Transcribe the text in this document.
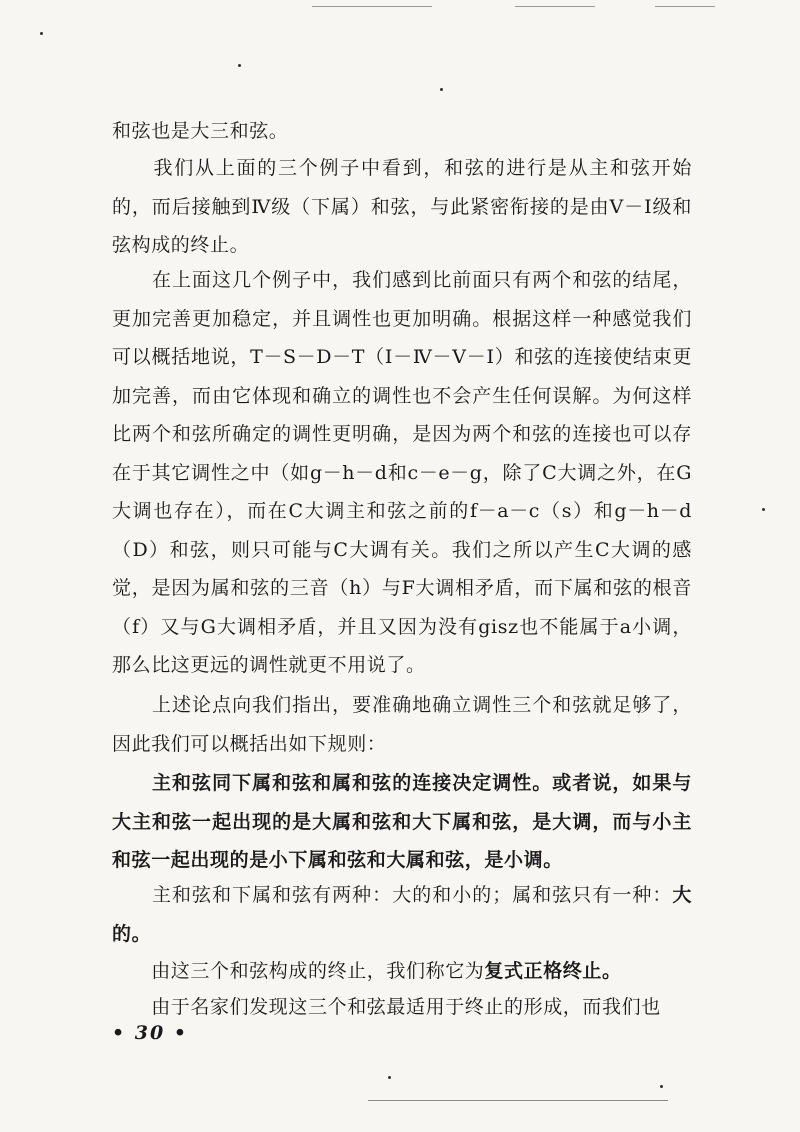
和弦也是大三和弦。

　　我们从上面的三个例子中看到，和弦的进行是从主和弦开始的，而后接触到Ⅳ级（下属）和弦，与此紧密衔接的是由Ⅴ－Ⅰ级和弦构成的终止。

　　在上面这几个例子中，我们感到比前面只有两个和弦的结尾，更加完善更加稳定，并且调性也更加明确。根据这样一种感觉我们可以概括地说，T－S－D－T（Ⅰ－Ⅳ－Ⅴ－Ⅰ）和弦的连接使结束更加完善，而由它体现和确立的调性也不会产生任何误解。为何这样比两个和弦所确定的调性更明确，是因为两个和弦的连接也可以存在于其它调性之中（如g－h－d和c－e－g，除了C大调之外，在G大调也存在），而在C大调主和弦之前的f－a－c（s）和g－h－d（D）和弦，则只可能与C大调有关。我们之所以产生C大调的感觉，是因为属和弦的三音（h）与F大调相矛盾，而下属和弦的根音（f）又与G大调相矛盾，并且又因为没有gisz也不能属于a小调，那么比这更远的调性就更不用说了。

　　上述论点向我们指出，要准确地确立调性三个和弦就足够了，因此我们可以概括出如下规则：

　　主和弦同下属和弦和属和弦的连接决定调性。或者说，如果与大主和弦一起出现的是大属和弦和大下属和弦，是大调，而与小主和弦一起出现的是小下属和弦和大属和弦，是小调。

　　主和弦和下属和弦有两种：大的和小的；属和弦只有一种：大的。

　　由这三个和弦构成的终止，我们称它为复式正格终止。

　　由于名家们发现这三个和弦最适用于终止的形成，而我们也

• 30 •
